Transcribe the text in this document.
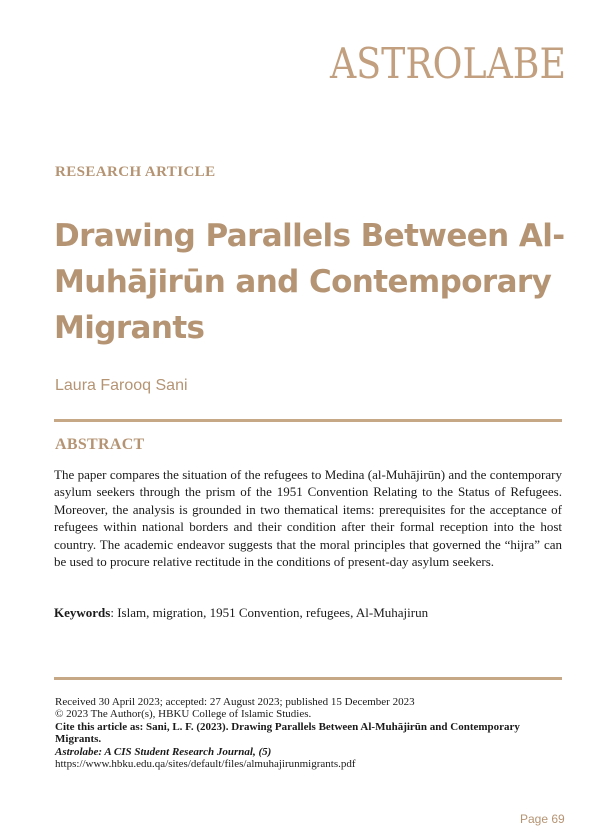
ASTROLABE
RESEARCH ARTICLE
Drawing Parallels Between Al-Muhājirūn and Contemporary Migrants
Laura Farooq Sani
ABSTRACT

The paper compares the situation of the refugees to Medina (al-Muhājirūn) and the contemporary asylum seekers through the prism of the 1951 Convention Relating to the Status of Refugees. Moreover, the analysis is grounded in two thematical items: prerequisites for the acceptance of refugees within national borders and their condition after their formal reception into the host country. The academic endeavor suggests that the moral principles that governed the “hijra” can be used to procure relative rectitude in the conditions of present-day asylum seekers.

Keywords: Islam, migration, 1951 Convention, refugees, Al-Muhajirun
Received 30 April 2023; accepted: 27 August 2023; published 15 December 2023
© 2023 The Author(s), HBKU College of Islamic Studies.
Cite this article as: Sani, L. F. (2023). Drawing Parallels Between Al-Muhājirūn and Contemporary Migrants.
Astrolabe: A CIS Student Research Journal, (5)
https://www.hbku.edu.qa/sites/default/files/almuhajirunmigrants.pdf
Page 69
